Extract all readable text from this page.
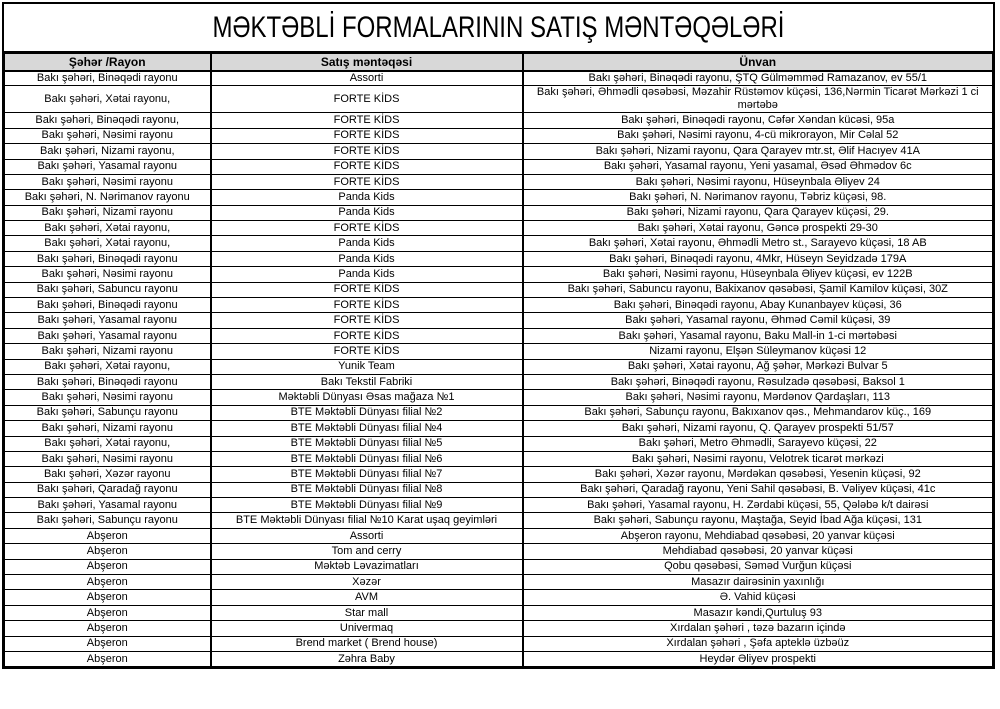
MƏKTƏBLİ FORMALARININ SATIŞ MƏNTƏQƏLƏRİ
Şəhər /Rayon	Satış məntəqəsi	Ünvan
Bakı şəhəri, Binəqədi rayonu	Assorti	Bakı şəhəri, Binəqədi rayonu, ŞTQ Gülməmməd Ramazanov, ev 55/1
Bakı şəhəri, Xətai rayonu,	FORTE KİDS	Bakı şəhəri, Əhmədli qəsəbəsi, Məzahir Rüstəmov küçəsi, 136,Nərmin Ticarət Mərkəzi 1 ci mərtəbə
Bakı şəhəri, Binəqədi rayonu,	FORTE KİDS	Bakı şəhəri, Binəqədi rayonu, Cəfər Xəndan kücəsi, 95a
Bakı şəhəri, Nəsimi rayonu	FORTE KİDS	Bakı şəhəri, Nəsimi rayonu, 4-cü mikrorayon, Mir Cəlal 52
Bakı şəhəri, Nizami rayonu,	FORTE KİDS	Bakı şəhəri, Nizami rayonu, Qara Qarayev mtr.st, Əlif Hacıyev 41A
Bakı şəhəri, Yasamal rayonu	FORTE KİDS	Bakı şəhəri, Yasamal rayonu, Yeni yasamal, Əsəd Əhmədov 6c
Bakı şəhəri, Nəsimi rayonu	FORTE KİDS	Bakı şəhəri, Nəsimi rayonu, Hüseynbala Əliyev 24
Bakı şəhəri, N. Nərimanov rayonu	Panda Kids	Bakı şəhəri, N. Nərimanov rayonu, Təbriz küçəsi, 98.
Bakı şəhəri, Nizami rayonu	Panda Kids	Bakı şəhəri, Nizami rayonu, Qara Qarayev küçəsi, 29.
Bakı şəhəri, Xətai rayonu,	FORTE KİDS	Bakı şəhəri, Xətai rayonu, Gəncə prospekti 29-30
Bakı şəhəri, Xətai rayonu,	Panda Kids	Bakı şəhəri, Xətai rayonu, Əhmədli Metro st., Sarayevo küçəsi, 18 AB
Bakı şəhəri, Binəqədi rayonu	Panda Kids	Bakı şəhəri, Binəqədi rayonu, 4Mkr, Hüseyn Seyidzadə 179A
Bakı şəhəri, Nəsimi rayonu	Panda Kids	Bakı şəhəri, Nəsimi rayonu, Hüseynbala Əliyev küçəsi, ev 122B
Bakı şəhəri, Sabuncu rayonu	FORTE KİDS	Bakı şəhəri, Sabuncu rayonu, Bakixanov qəsəbəsi, Şamil Kamilov küçəsi, 30Z
Bakı şəhəri, Binəqədi rayonu	FORTE KİDS	Bakı şəhəri, Binəqədi rayonu, Abay Kunanbayev küçəsi, 36
Bakı şəhəri, Yasamal rayonu	FORTE KİDS	Bakı şəhəri, Yasamal rayonu, Əhməd Cəmil küçəsi, 39
Bakı şəhəri, Yasamal rayonu	FORTE KİDS	Bakı şəhəri, Yasamal rayonu, Baku Mall-in 1-ci mərtəbəsi
Bakı şəhəri, Nizami rayonu	FORTE KİDS	Nizami rayonu, Elşən Süleymanov küçəsi 12
Bakı şəhəri, Xətai rayonu,	Yunik Team	Bakı şəhəri, Xətai rayonu, Ağ şəhər, Mərkəzi Bulvar 5
Bakı şəhəri, Binəqədi rayonu	Bakı Tekstil Fabriki	Bakı şəhəri, Binəqədi rayonu, Rəsulzadə qəsəbəsi, Baksol 1
Bakı şəhəri, Nəsimi rayonu	Məktəbli Dünyası Əsas mağaza №1	Bakı şəhəri, Nəsimi rayonu, Mərdənov Qardaşları, 113
Bakı şəhəri, Sabunçu rayonu	BTE Məktəbli Dünyası filial №2	Bakı şəhəri, Sabunçu rayonu, Bakıxanov qəs., Mehmandarov küç., 169
Bakı şəhəri, Nizami rayonu	BTE Məktəbli Dünyası filial №4	Bakı şəhəri, Nizami rayonu, Q. Qarayev prospekti 51/57
Bakı şəhəri, Xətai rayonu,	BTE Məktəbli Dünyası filial №5	Bakı şəhəri, Metro Əhmədli, Sarayevo küçəsi, 22
Bakı şəhəri, Nəsimi rayonu	BTE Məktəbli Dünyası filial №6	Bakı şəhəri, Nəsimi rayonu, Velotrek ticarət mərkəzi
Bakı şəhəri, Xəzər rayonu	BTE Məktəbli Dünyası filial №7	Bakı şəhəri, Xəzər rayonu, Mərdəkan qəsəbəsi, Yesenin küçəsi, 92
Bakı şəhəri, Qaradağ rayonu	BTE Məktəbli Dünyası filial №8	Bakı şəhəri, Qaradağ rayonu, Yeni Sahil qəsəbəsi, B. Vəliyev küçəsi, 41c
Bakı şəhəri, Yasamal rayonu	BTE Məktəbli Dünyası filial №9	Bakı şəhəri, Yasamal rayonu, H. Zərdabi küçəsi, 55, Qələbə k/t dairəsi
Bakı şəhəri, Sabunçu rayonu	BTE Məktəbli Dünyası filial №10 Karat uşaq geyimləri	Bakı şəhəri, Sabunçu rayonu, Maştağa, Seyid İbad Ağa küçəsi, 131
Abşeron	Assorti	Abşeron rayonu, Mehdiabad qəsəbəsi, 20 yanvar küçəsi
Abşeron	Tom and cerry	Mehdiabad qəsəbəsi, 20 yanvar küçəsi
Abşeron	Məktəb Ləvazimatları	Qobu qəsəbəsi, Səməd Vurğun küçəsi
Abşeron	Xəzər	Masazır dairəsinin yaxınlığı
Abşeron	AVM	Ə. Vahid küçəsi
Abşeron	Star mall	Masazır kəndi,Qurtuluş 93
Abşeron	Univermaq	Xırdalan şəhəri , təzə bazarın içində
Abşeron	Brend market ( Brend house)	Xırdalan şəhəri , Şəfa apteklə üzbəüz
Abşeron	Zəhra Baby	Heydər Əliyev prospekti
